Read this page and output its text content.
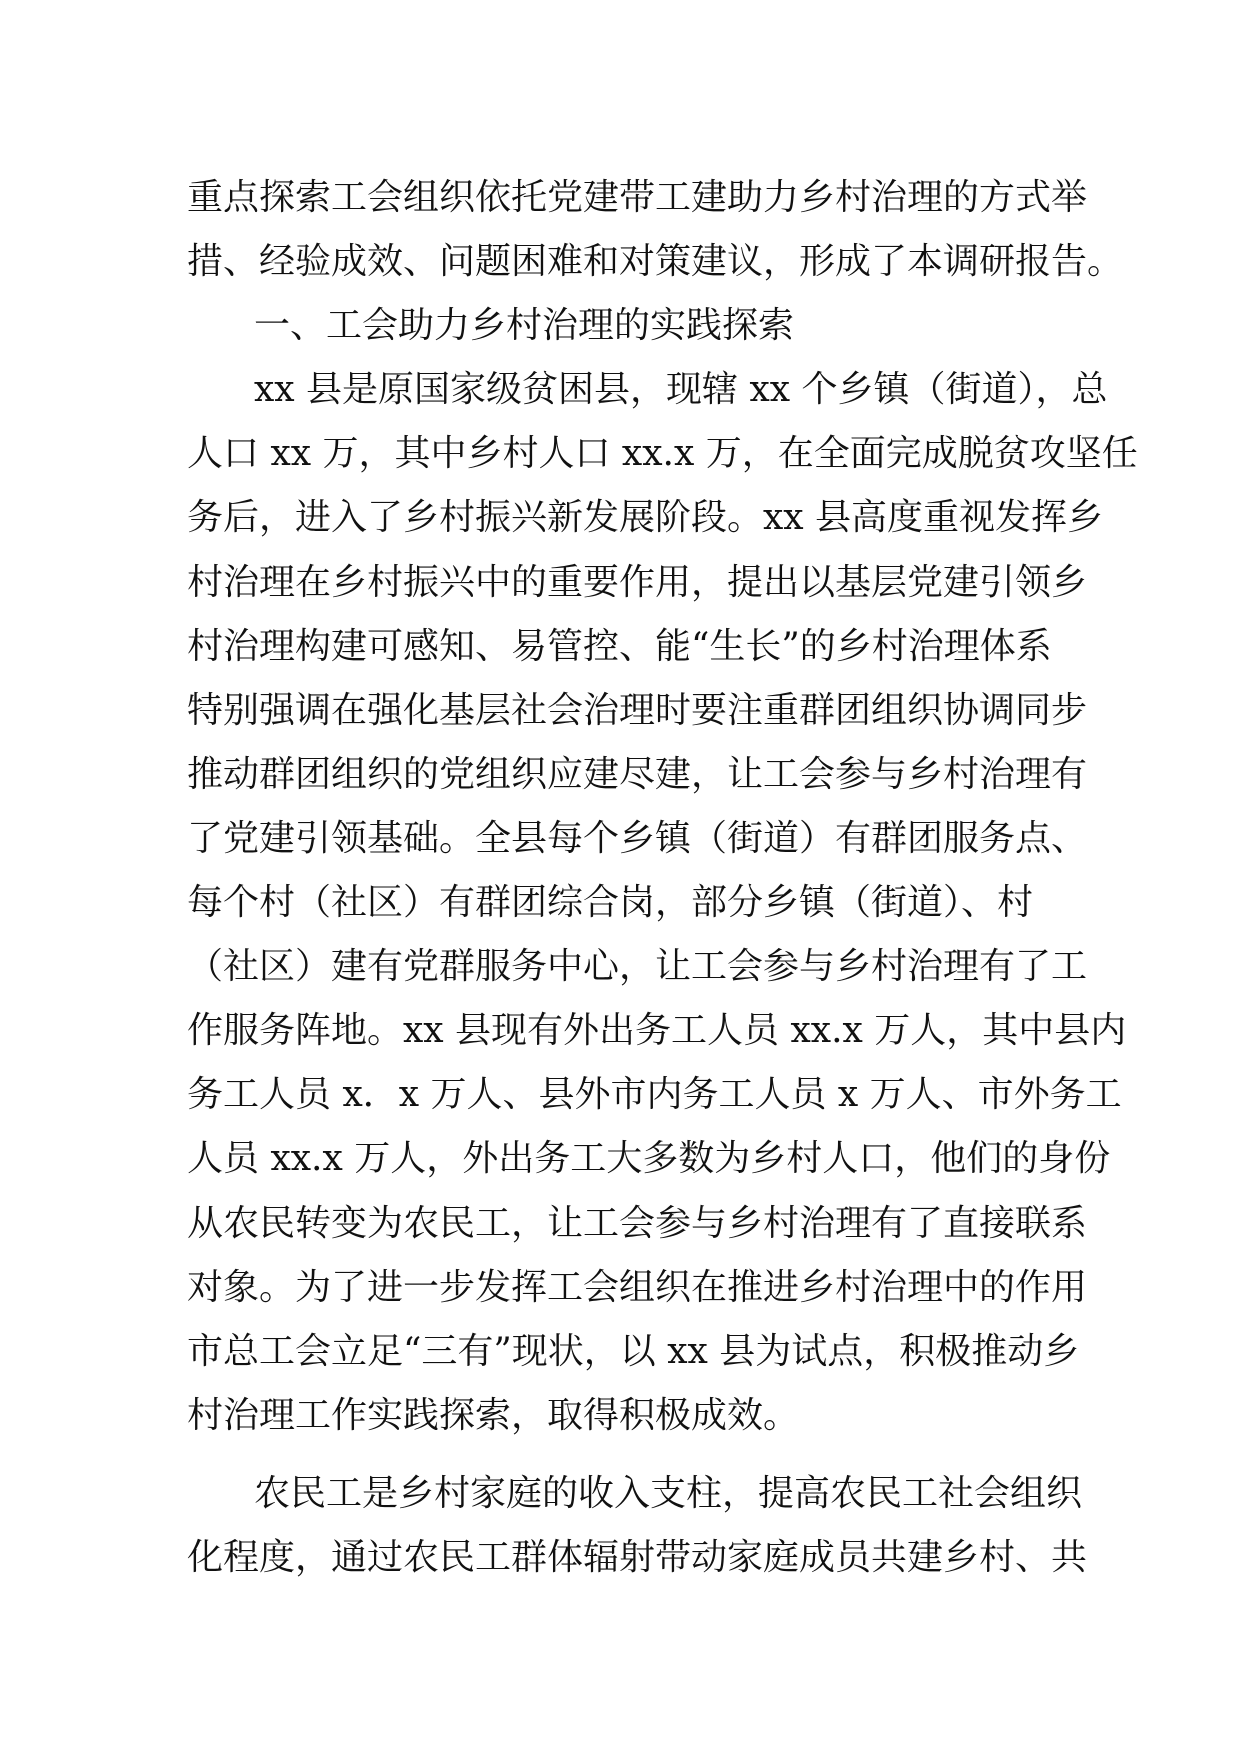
重点探索工会组织依托党建带工建助力乡村治理的方式举
措、经验成效、问题困难和对策建议，形成了本调研报告。
一、工会助力乡村治理的实践探索
xx 县是原国家级贫困县，现辖 xx 个乡镇（街道），总
人口 xx 万，其中乡村人口 xx.x 万，在全面完成脱贫攻坚任
务后，进入了乡村振兴新发展阶段。xx 县高度重视发挥乡
村治理在乡村振兴中的重要作用，提出以基层党建引领乡
村治理构建可感知、易管控、能“生长”的乡村治理体系
特别强调在强化基层社会治理时要注重群团组织协调同步
推动群团组织的党组织应建尽建，让工会参与乡村治理有
了党建引领基础。全县每个乡镇（街道）有群团服务点、
每个村（社区）有群团综合岗，部分乡镇（街道）、村
（社区）建有党群服务中心，让工会参与乡村治理有了工
作服务阵地。xx 县现有外出务工人员 xx.x 万人，其中县内
务工人员 x．x 万人、县外市内务工人员 x 万人、市外务工
人员 xx.x 万人，外出务工大多数为乡村人口，他们的身份
从农民转变为农民工，让工会参与乡村治理有了直接联系
对象。为了进一步发挥工会组织在推进乡村治理中的作用
市总工会立足“三有”现状，以 xx 县为试点，积极推动乡
村治理工作实践探索，取得积极成效。
农民工是乡村家庭的收入支柱，提高农民工社会组织
化程度，通过农民工群体辐射带动家庭成员共建乡村、共
